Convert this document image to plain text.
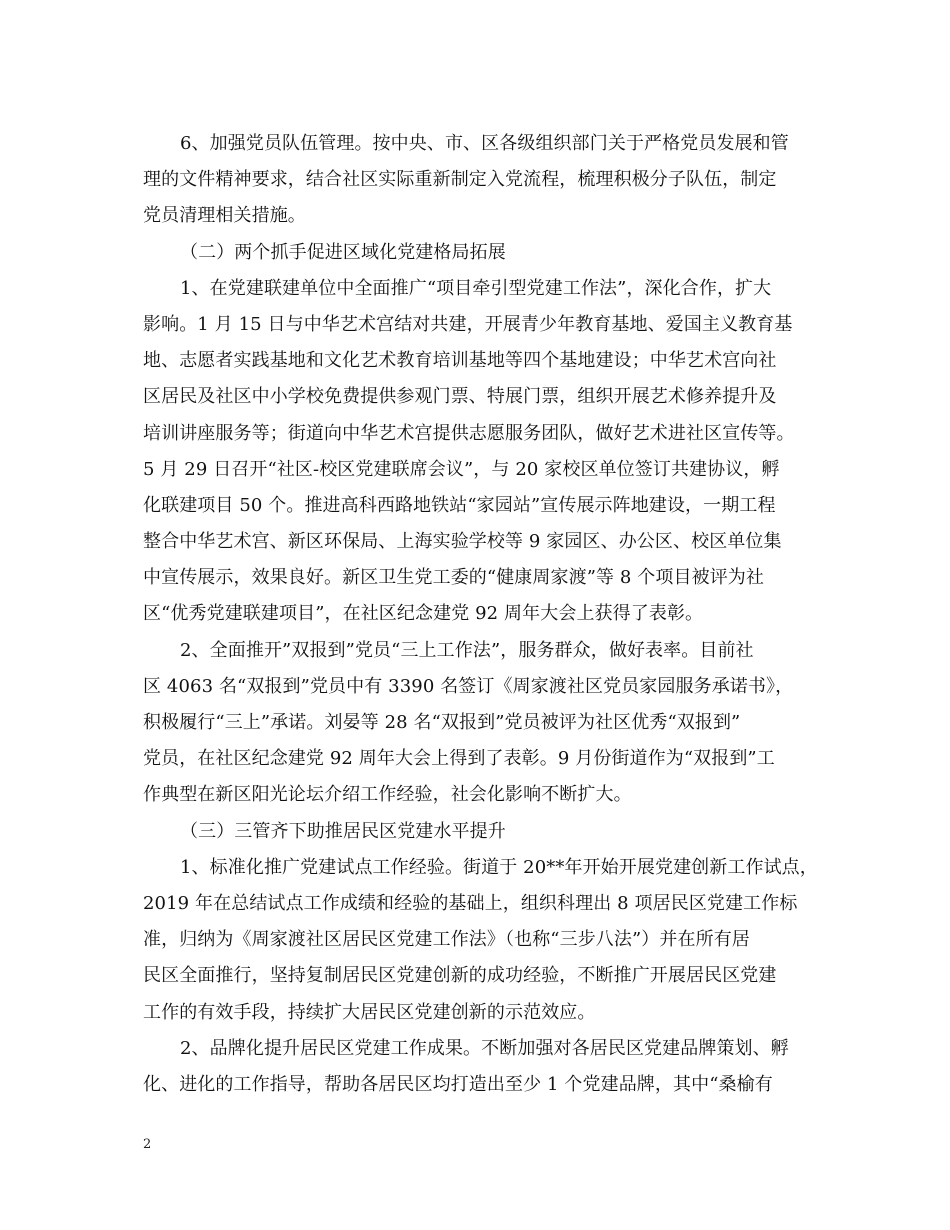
6、加强党员队伍管理。按中央、市、区各级组织部门关于严格党员发展和管
理的文件精神要求，结合社区实际重新制定入党流程，梳理积极分子队伍，制定
党员清理相关措施。
（二）两个抓手促进区域化党建格局拓展
1、在党建联建单位中全面推广“项目牵引型党建工作法”，深化合作，扩大
影响。1 月 15 日与中华艺术宫结对共建，开展青少年教育基地、爱国主义教育基
地、志愿者实践基地和文化艺术教育培训基地等四个基地建设；中华艺术宫向社
区居民及社区中小学校免费提供参观门票、特展门票，组织开展艺术修养提升及
培训讲座服务等；街道向中华艺术宫提供志愿服务团队，做好艺术进社区宣传等。
5 月 29 日召开“社区-校区党建联席会议”，与 20 家校区单位签订共建协议，孵
化联建项目 50 个。推进高科西路地铁站“家园站”宣传展示阵地建设，一期工程
整合中华艺术宫、新区环保局、上海实验学校等 9 家园区、办公区、校区单位集
中宣传展示，效果良好。新区卫生党工委的“健康周家渡”等 8 个项目被评为社
区“优秀党建联建项目”，在社区纪念建党 92 周年大会上获得了表彰。
2、全面推开”双报到”党员“三上工作法”，服务群众，做好表率。目前社
区 4063 名“双报到”党员中有 3390 名签订《周家渡社区党员家园服务承诺书》，
积极履行“三上”承诺。刘晏等 28 名“双报到”党员被评为社区优秀“双报到”
党员，在社区纪念建党 92 周年大会上得到了表彰。9 月份街道作为“双报到”工
作典型在新区阳光论坛介绍工作经验，社会化影响不断扩大。
（三）三管齐下助推居民区党建水平提升
1、标准化推广党建试点工作经验。街道于 20**年开始开展党建创新工作试点，
2019 年在总结试点工作成绩和经验的基础上，组织科理出 8 项居民区党建工作标
准，归纳为《周家渡社区居民区党建工作法》（也称“三步八法”）并在所有居
民区全面推行，坚持复制居民区党建创新的成功经验，不断推广开展居民区党建
工作的有效手段，持续扩大居民区党建创新的示范效应。
2、品牌化提升居民区党建工作成果。不断加强对各居民区党建品牌策划、孵
化、进化的工作指导，帮助各居民区均打造出至少 1 个党建品牌，其中“桑榆有
2
